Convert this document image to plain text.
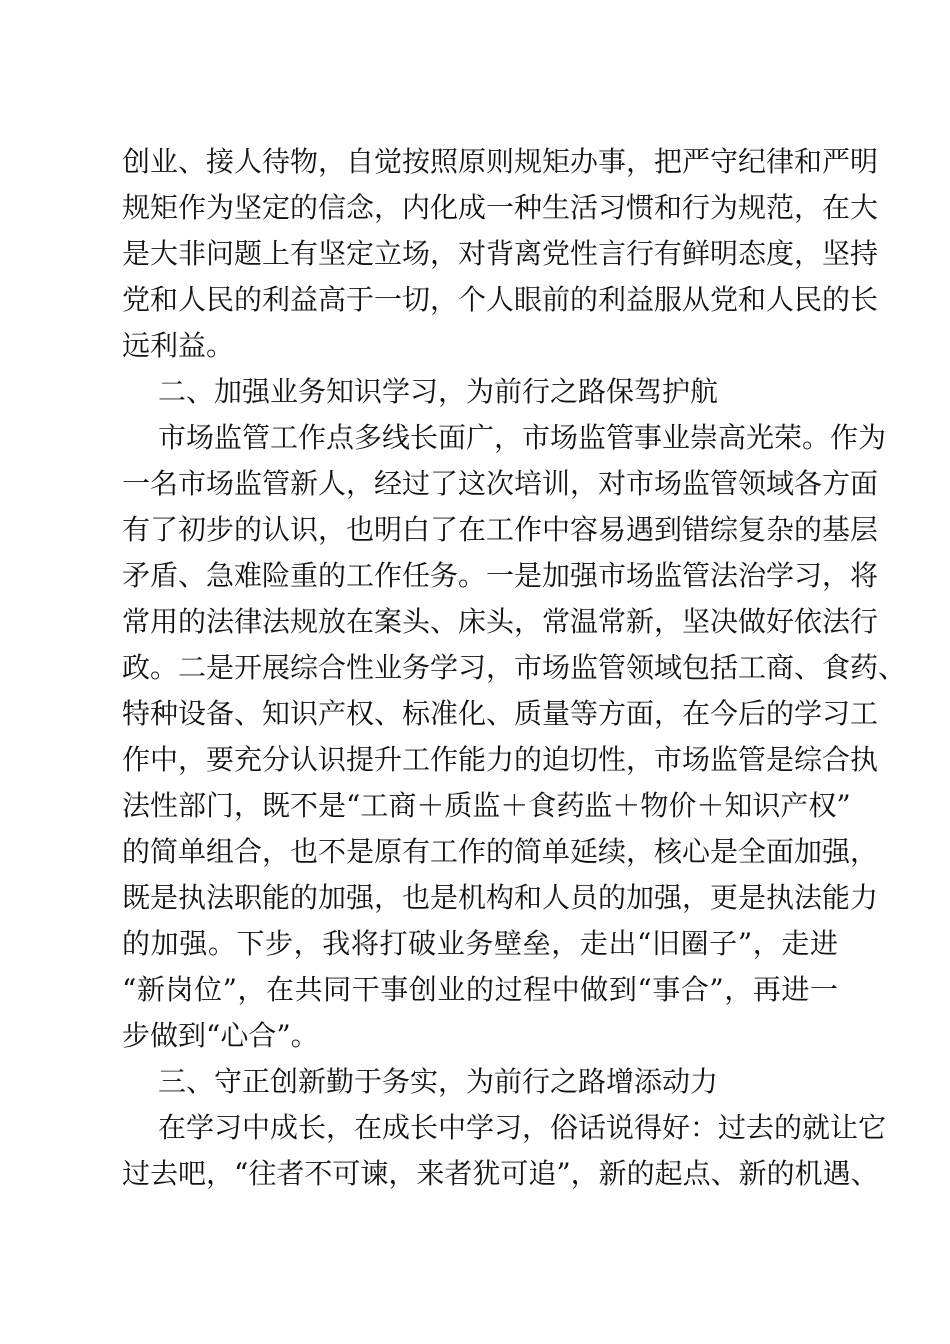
创业、接人待物，自觉按照原则规矩办事，把严守纪律和严明
规矩作为坚定的信念，内化成一种生活习惯和行为规范，在大
是大非问题上有坚定立场，对背离党性言行有鲜明态度，坚持
党和人民的利益高于一切，个人眼前的利益服从党和人民的长
远利益。
二、加强业务知识学习，为前行之路保驾护航
市场监管工作点多线长面广，市场监管事业崇高光荣。作为
一名市场监管新人，经过了这次培训，对市场监管领域各方面
有了初步的认识，也明白了在工作中容易遇到错综复杂的基层
矛盾、急难险重的工作任务。一是加强市场监管法治学习，将
常用的法律法规放在案头、床头，常温常新，坚决做好依法行
政。二是开展综合性业务学习，市场监管领域包括工商、食药、
特种设备、知识产权、标准化、质量等方面，在今后的学习工
作中，要充分认识提升工作能力的迫切性，市场监管是综合执
法性部门，既不是“工商＋质监＋食药监＋物价＋知识产权”
的简单组合，也不是原有工作的简单延续，核心是全面加强，
既是执法职能的加强，也是机构和人员的加强，更是执法能力
的加强。下步，我将打破业务壁垒，走出“旧圈子”，走进
“新岗位”，在共同干事创业的过程中做到“事合”，再进一
步做到“心合”。
三、守正创新勤于务实，为前行之路增添动力
在学习中成长，在成长中学习，俗话说得好：过去的就让它
过去吧，“往者不可谏，来者犹可追”，新的起点、新的机遇、
